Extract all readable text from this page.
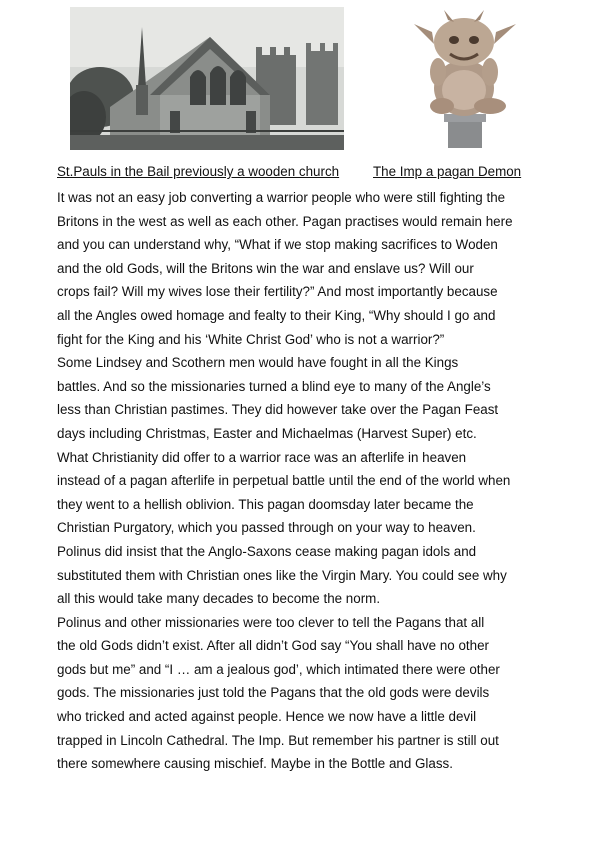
St.Pauls in the Bail previously a wooden church	The Imp a pagan Demon
It was not an easy job converting a warrior people who were still fighting the
Britons in the west as well as each other. Pagan practises would remain here
and you can understand why, “What if we stop making sacrifices to Woden
and the old Gods, will the Britons win the war and enslave us? Will our
crops fail? Will my wives lose their fertility?” And most importantly because
all the Angles owed homage and fealty to their King, “Why should I go and
fight for the King and his ‘White Christ God’ who is not a warrior?”
Some Lindsey and Scothern men would have fought in all the Kings
battles. And so the missionaries turned a blind eye to many of the Angle’s
less than Christian pastimes. They did however take over the Pagan Feast
days including Christmas, Easter and Michaelmas (Harvest Super) etc.
What Christianity did offer to a warrior race was an afterlife in heaven
instead of a pagan afterlife in perpetual battle until the end of the world when
they went to a hellish oblivion. This pagan doomsday later became the
Christian Purgatory, which you passed through on your way to heaven.
Polinus did insist that the Anglo-Saxons cease making pagan idols and
substituted them with Christian ones like the Virgin Mary. You could see why
all this would take many decades to become the norm.
Polinus and other missionaries were too clever to tell the Pagans that all
the old Gods didn’t exist. After all didn’t God say “You shall have no other
gods but me” and “I … am a jealous god’, which intimated there were other
gods. The missionaries just told the Pagans that the old gods were devils
who tricked and acted against people. Hence we now have a little devil
trapped in Lincoln Cathedral. The Imp. But remember his partner is still out
there somewhere causing mischief. Maybe in the Bottle and Glass.
